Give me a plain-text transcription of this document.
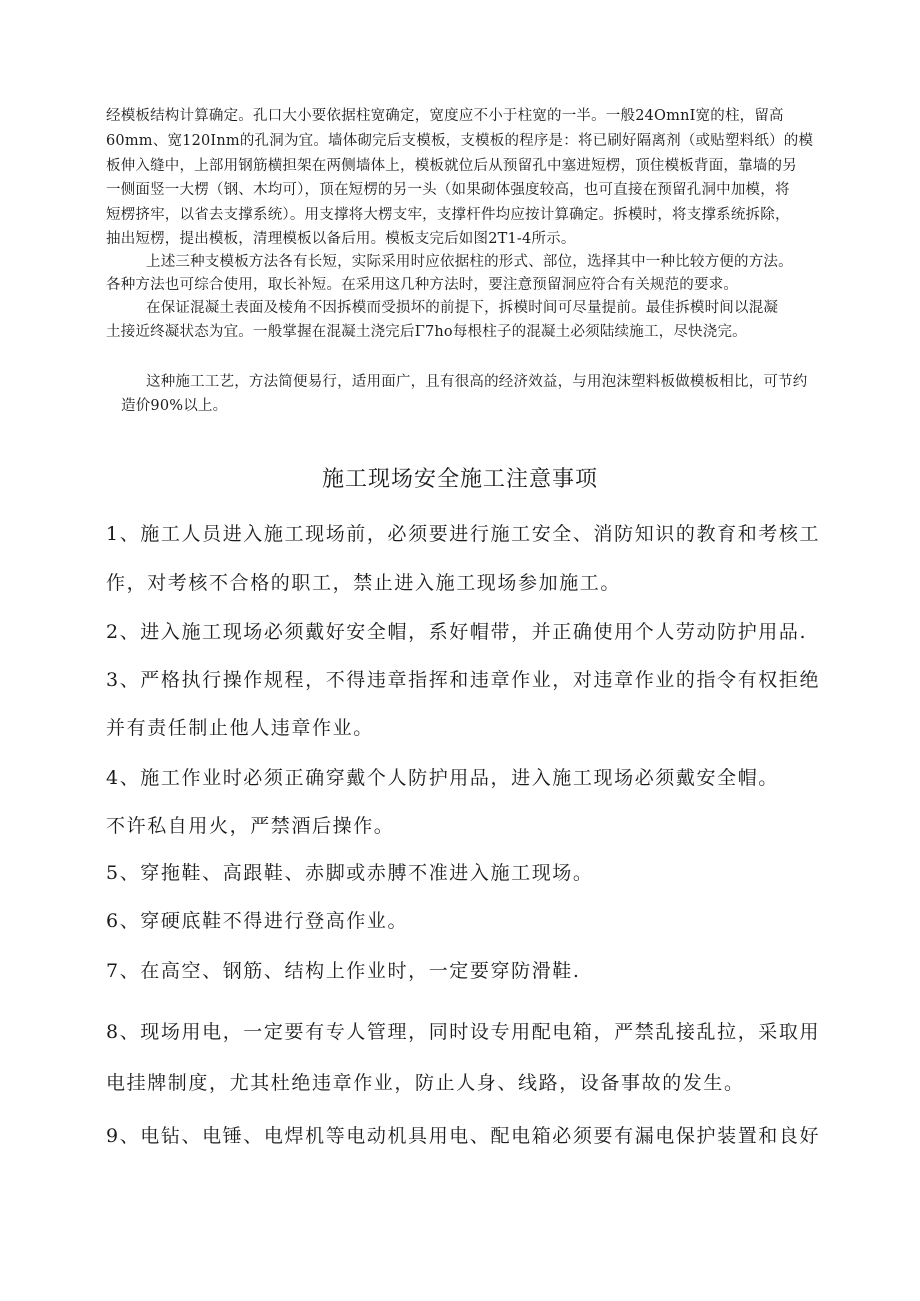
经模板结构计算确定。孔口大小要依据柱宽确定，宽度应不小于柱宽的一半。一般24OmnI宽的柱，留高
60mm、宽120Inm的孔洞为宜。墙体砌完后支模板，支模板的程序是：将已刷好隔离剂（或贴塑料纸）的模
板伸入缝中，上部用钢筋横担架在两侧墙体上，模板就位后从预留孔中塞进短楞，顶住模板背面，靠墙的另
一侧面竖一大楞（钢、木均可），顶在短楞的另一头（如果砌体强度较高，也可直接在预留孔洞中加模，将
短楞挤牢，以省去支撑系统）。用支撑将大楞支牢，支撑杆件均应按计算确定。拆模时，将支撑系统拆除，
抽出短楞，提出模板，清理模板以备后用。模板支完后如图2T1-4所示。
上述三种支模板方法各有长短，实际采用时应依据柱的形式、部位，选择其中一种比较方便的方法。
各种方法也可综合使用，取长补短。在采用这几种方法时，要注意预留洞应符合有关规范的要求。
在保证混凝土表面及棱角不因拆模而受损坏的前提下，拆模时间可尽量提前。最佳拆模时间以混凝
土接近终凝状态为宜。一般掌握在混凝土浇完后Γ7ho每根柱子的混凝土必须陆续施工，尽快浇完。
这种施工工艺，方法简便易行，适用面广，且有很高的经济效益，与用泡沫塑料板做模板相比，可节约
造价90%以上。
施工现场安全施工注意事项
1、施工人员进入施工现场前，必须要进行施工安全、消防知识的教育和考核工
作，对考核不合格的职工，禁止进入施工现场参加施工。
2、进入施工现场必须戴好安全帽，系好帽带，并正确使用个人劳动防护用品.
3、严格执行操作规程，不得违章指挥和违章作业，对违章作业的指令有权拒绝
并有责任制止他人违章作业。
4、施工作业时必须正确穿戴个人防护用品，进入施工现场必须戴安全帽。
不许私自用火，严禁酒后操作。
5、穿拖鞋、高跟鞋、赤脚或赤膊不准进入施工现场。
6、穿硬底鞋不得进行登高作业。
7、在高空、钢筋、结构上作业时，一定要穿防滑鞋.
8、现场用电，一定要有专人管理，同时设专用配电箱，严禁乱接乱拉，采取用
电挂牌制度，尤其杜绝违章作业，防止人身、线路，设备事故的发生。
9、电钻、电锤、电焊机等电动机具用电、配电箱必须要有漏电保护装置和良好
